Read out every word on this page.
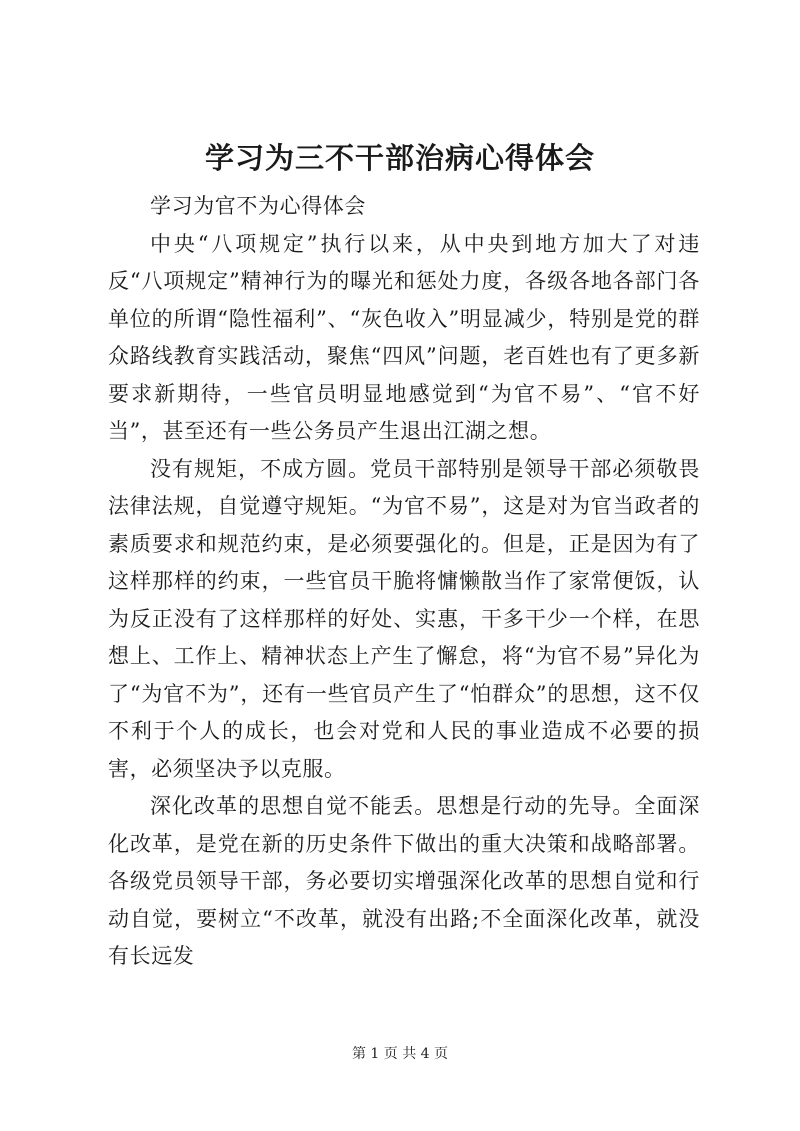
学习为三不干部治病心得体会

学习为官不为心得体会

中央“八项规定”执行以来，从中央到地方加大了对违反“八项规定”精神行为的曝光和惩处力度，各级各地各部门各单位的所谓“隐性福利”、“灰色收入”明显减少，特别是党的群众路线教育实践活动，聚焦“四风”问题，老百姓也有了更多新要求新期待，一些官员明显地感觉到“为官不易”、“官不好当”，甚至还有一些公务员产生退出江湖之想。

没有规矩，不成方圆。党员干部特别是领导干部必须敬畏法律法规，自觉遵守规矩。“为官不易”，这是对为官当政者的素质要求和规范约束，是必须要强化的。但是，正是因为有了这样那样的约束，一些官员干脆将慵懒散当作了家常便饭，认为反正没有了这样那样的好处、实惠，干多干少一个样，在思想上、工作上、精神状态上产生了懈怠，将“为官不易”异化为了“为官不为”，还有一些官员产生了“怕群众”的思想，这不仅不利于个人的成长，也会对党和人民的事业造成不必要的损害，必须坚决予以克服。

深化改革的思想自觉不能丢。思想是行动的先导。全面深化改革，是党在新的历史条件下做出的重大决策和战略部署。各级党员领导干部，务必要切实增强深化改革的思想自觉和行动自觉，要树立“不改革，就没有出路;不全面深化改革，就没有长远发

第 1 页 共 4 页
